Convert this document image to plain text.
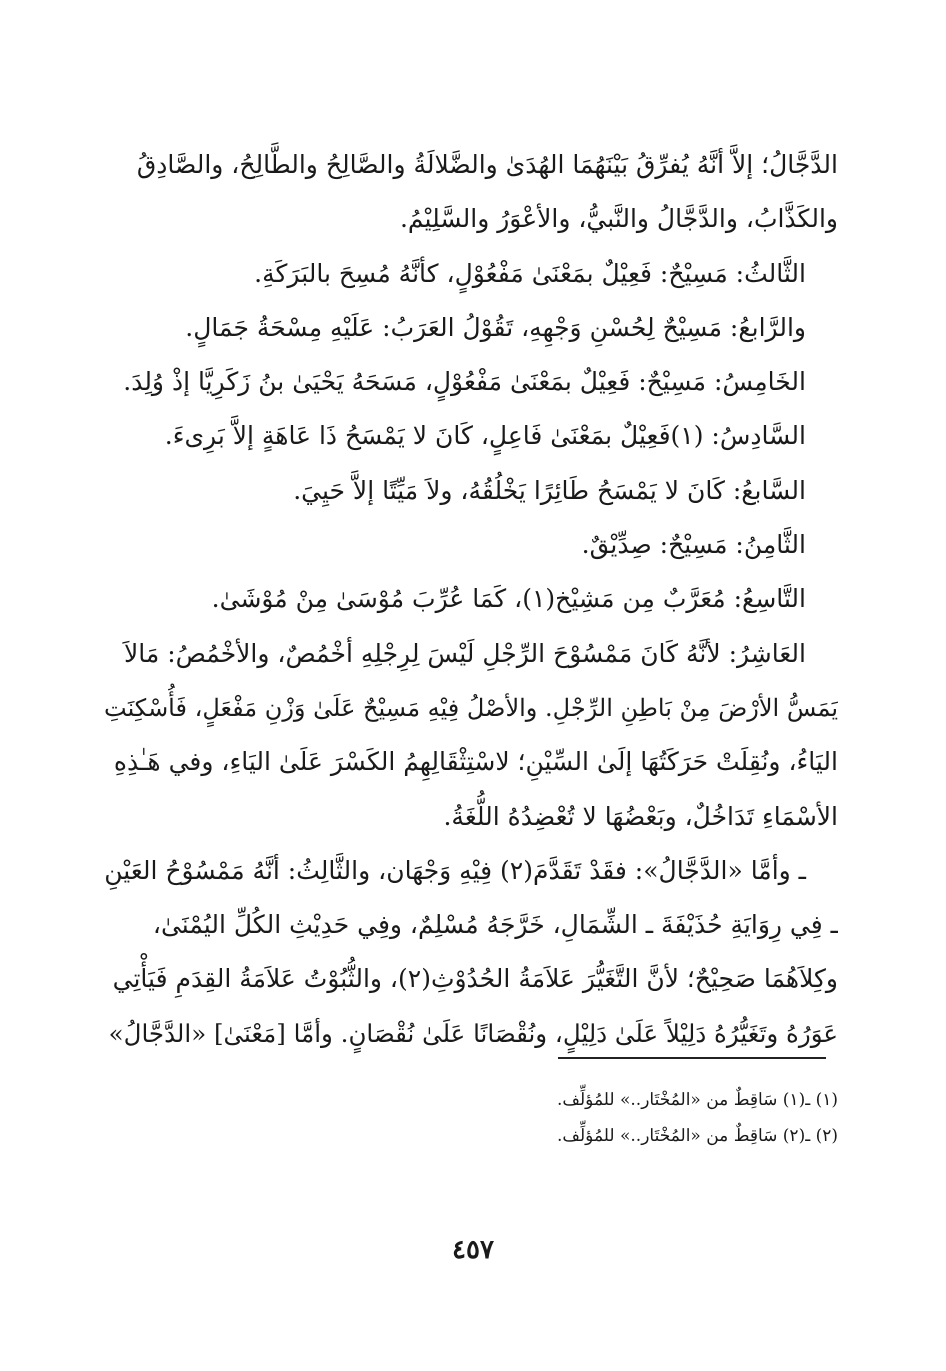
الدَّجَّالُ؛ إلاَّ أنَّهُ يُفرِّقُ بَيْنَهُمَا الهُدَىٰ والضَّلالَةُ والصَّالِحُ والطَّالِحُ، والصَّادِقُ
والكَذَّابُ، والدَّجَّالُ والنَّبيُّ، والأعْوَرُ والسَّلِيْمُ.
الثَّالثُ: مَسِيْحٌ: فَعِيْلٌ بمَعْنَىٰ مَفْعُوْلٍ، كأنَّهُ مُسِحَ بالبَرَكَةِ.
والرَّابعُ: مَسِيْحٌ لِحُسْنِ وَجْهِهِ، تَقُوْلُ العَرَبُ: عَلَيْهِ مِسْحَةُ جَمَالٍ.
الخَامِسُ: مَسِيْحٌ: فَعِيْلٌ بمَعْنَىٰ مَفْعُوْلٍ، مَسَحَهُ يَحْيَىٰ بنُ زَكَرِيَّا إذْ وُلِدَ.
السَّادِسُ: (١)فَعِيْلٌ بمَعْنَىٰ فَاعِلٍ، كَانَ لا يَمْسَحُ ذَا عَاهَةٍ إلاَّ بَرِىءَ.
السَّابعُ: كَانَ لا يَمْسَحُ طَائِرًا يَخْلُقُهُ، ولاَ مَيِّتًا إلاَّ حَيِيَ.
الثَّامِنُ: مَسِيْحٌ: صِدِّيْقٌ.
التَّاسِعُ: مُعَرَّبٌ مِن مَشِيْخ(١)، كَمَا عُرِّبَ مُوْسَىٰ مِنْ مُوْشَىٰ.
العَاشِرُ: لأنَّهُ كَانَ مَمْسُوْحَ الرِّجْلِ لَيْسَ لِرِجْلِهِ أخْمُصٌ، والأخْمُصُ: مَالاَ
يَمَسُّ الأرْضَ مِنْ بَاطِنِ الرِّجْلِ. والأصْلُ فِيْهِ مَسِيْحٌ عَلَىٰ وَزْنِ مَفْعَلٍ، فَأُسْكِنَتِ
اليَاءُ، ونُقِلَتْ حَرَكَتُهَا إلَىٰ السِّيْنِ؛ لاسْتِثْقَالِهِمُ الكَسْرَ عَلَىٰ اليَاءِ، وفي هَـٰذِهِ
الأسْمَاءِ تَدَاخُلٌ، وبَعْضُهَا لا تُعْضِدُهُ اللُّغَةُ.
ـ وأمَّا «الدَّجَّالُ»: فقَدْ تَقَدَّمَ(٢) فِيْهِ وَجْهَان، والثَّالِثُ: أنَّهُ مَمْسُوْحُ العَيْنِ
ـ فِي رِوَايَةِ حُذَيْفَةَ ـ الشِّمَالِ، خَرَّجَهُ مُسْلِمٌ، وفِي حَدِيْثِ الكُلِّ اليُمْنَىٰ،
وكِلاَهُمَا صَحِيْحٌ؛ لأنَّ التَّغَيُّرَ عَلاَمَةُ الحُدُوْثِ(٢)، والثُّبُوْتُ عَلاَمَةُ القِدَمِ فَيَأْتِي
عَوَرُهُ وتَغَيُّرُهُ دَلِيْلاً عَلَىٰ دَلِيْلٍ، ونُقْصَانًا عَلَىٰ نُقْصَانٍ. وأمَّا [مَعْنَىٰ] «الدَّجَّالُ»
(١) ـ(١) سَاقِطٌ من «المُخْتَار..» للمُؤلِّف.
(٢) ـ(٢) سَاقِطٌ من «المُخْتَار..» للمُؤلِّف.
٤٥٧
